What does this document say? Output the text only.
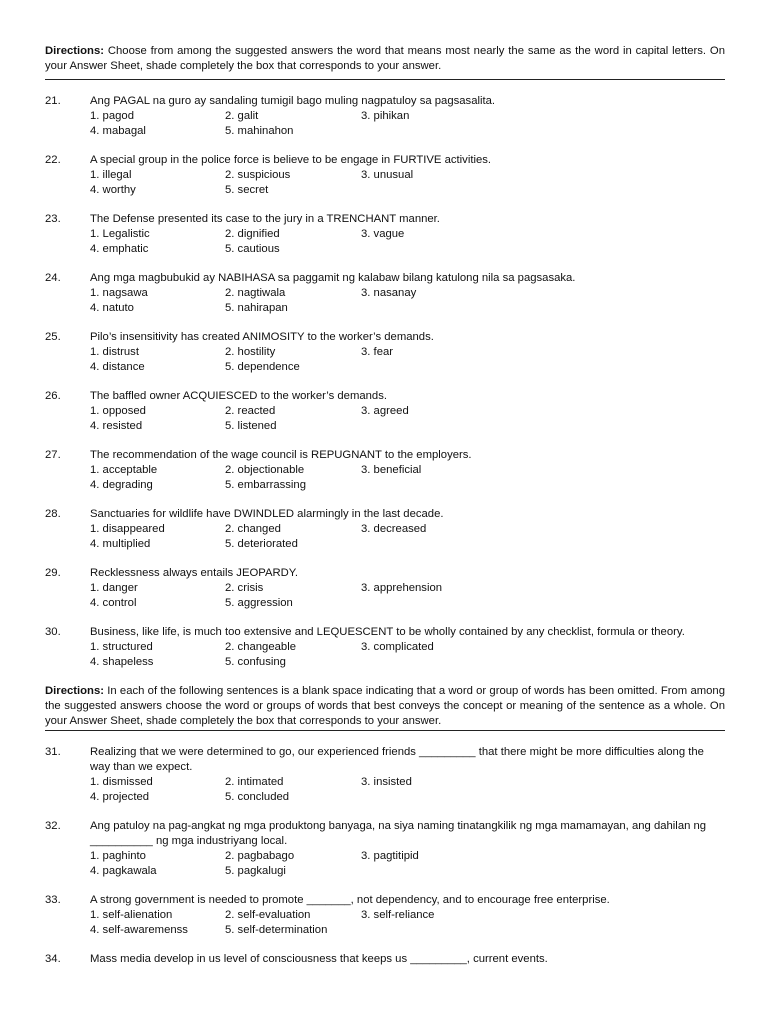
Directions: Choose from among the suggested answers the word that means most nearly the same as the word in capital letters. On your Answer Sheet, shade completely the box that corresponds to your answer.
21.	Ang PAGAL na guro ay sandaling tumigil bago muling nagpatuloy sa pagsasalita.
1. pagod	2. galit	3. pihikan
4. mabagal	5. mahinahon
22.	A special group in the police force is believe to be engage in FURTIVE activities.
1. illegal	2. suspicious	3. unusual
4. worthy	5. secret
23.	The Defense presented its case to the jury in a TRENCHANT manner.
1. Legalistic	2. dignified	3. vague
4. emphatic	5. cautious
24.	Ang mga magbubukid ay NABIHASA sa paggamit ng kalabaw bilang katulong nila sa pagsasaka.
1. nagsawa	2. nagtiwala	3. nasanay
4. natuto	5. nahirapan
25.	Pilo’s insensitivity has created ANIMOSITY to the worker’s demands.
1. distrust	2. hostility	3. fear
4. distance	5. dependence
26.	The baffled owner ACQUIESCED to the worker’s demands.
1. opposed	2. reacted	3. agreed
4. resisted	5. listened
27.	The recommendation of the wage council is REPUGNANT to the employers.
1. acceptable	2. objectionable	3. beneficial
4. degrading	5. embarrassing
28.	Sanctuaries for wildlife have DWINDLED alarmingly in the last decade.
1. disappeared	2. changed	3. decreased
4. multiplied	5. deteriorated
29.	Recklessness always entails JEOPARDY.
1. danger	2. crisis	3. apprehension
4. control	5. aggression
30.	Business, like life, is much too extensive and LEQUESCENT to be wholly contained by any checklist, formula or theory.
1. structured	2. changeable	3. complicated
4. shapeless	5. confusing
Directions: In each of the following sentences is a blank space indicating that a word or group of words has been omitted. From among the suggested answers choose the word or groups of words that best conveys the concept or meaning of the sentence as a whole. On your Answer Sheet, shade completely the box that corresponds to your answer.
31.	Realizing that we were determined to go, our experienced friends _________ that there might be more difficulties along the way than we expect.
1. dismissed	2. intimated	3. insisted
4. projected	5. concluded
32.	Ang patuloy na pag-angkat ng mga produktong banyaga, na siya naming tinatangkilik ng mga mamamayan, ang dahilan ng __________ ng mga industriyang local.
1. paghinto	2. pagbabago	3. pagtitipid
4. pagkawala	5. pagkalugi
33.	A strong government is needed to promote _______, not dependency, and to encourage free enterprise.
1. self-alienation	2. self-evaluation	3. self-reliance
4. self-awaremenss	5. self-determination
34.	Mass media develop in us level of consciousness that keeps us _________, current events.
